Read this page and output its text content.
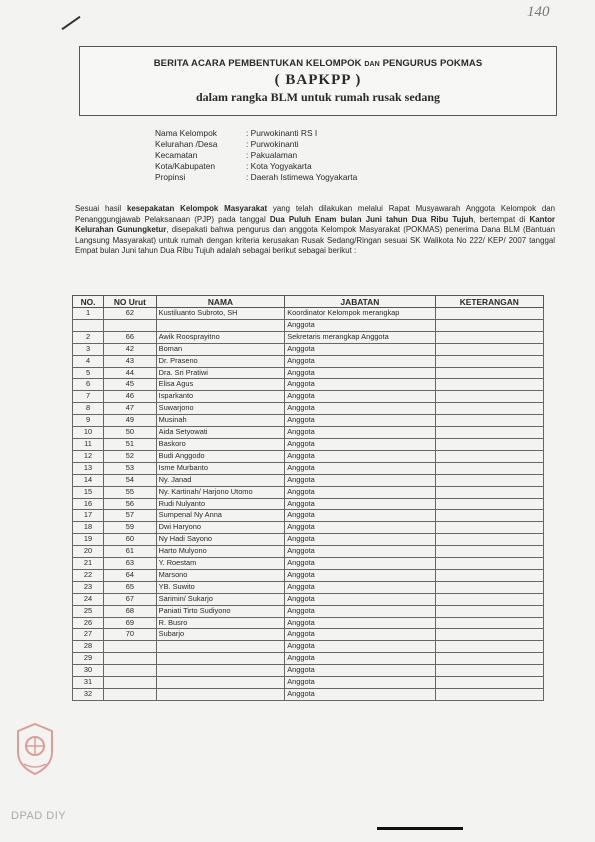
140
BERITA ACARA PEMBENTUKAN KELOMPOK DAN PENGURUS POKMAS
( BAPKPP )
dalam rangka BLM untuk rumah rusak sedang
Nama Kelompok	: Purwokinanti RS I
Kelurahan /Desa	: Purwokinanti
Kecamatan	: Pakualaman
Kota/Kabupaten	: Kota Yogyakarta
Propinsi	: Daerah Istimewa Yogyakarta
Sesuai hasil kesepakatan Kelompok Masyarakat yang telah dilakukan melalui Rapat Musyawarah Anggota Kelompok dan Penanggungjawab Pelaksanaan (PJP) pada tanggal Dua Puluh Enam bulan Juni tahun Dua Ribu Tujuh, bertempat di Kantor Kelurahan Gunungketur, disepakati bahwa pengurus dan anggota Kelompok Masyarakat (POKMAS) penerima Dana BLM (Bantuan Langsung Masyarakat) untuk rumah dengan kriteria kerusakan Rusak Sedang/Ringan sesuai SK Walikota No 222/ KEP/ 2007 tanggal Empat bulan Juni tahun Dua Ribu Tujuh adalah sebagai berikut sebagai berikut :
NO.	NO Urut	NAMA	JABATAN	KETERANGAN
1	62	Kustiluanto Subroto, SH	Koordinator Kelompok merangkap	
			Anggota	
2	66	Awik Roosprayitno	Sekretaris merangkap Anggota	
3	42	Boman	Anggota	
4	43	Dr. Praseno	Anggota	
5	44	Dra. Sri Pratiwi	Anggota	
6	45	Elisa Agus	Anggota	
7	46	Isparkanto	Anggota	
8	47	Suwarjono	Anggota	
9	49	Musinah	Anggota	
10	50	Aida Setyowati	Anggota	
11	51	Baskoro	Anggota	
12	52	Budi Anggodo	Anggota	
13	53	Isme Murbanto	Anggota	
14	54	Ny. Janad	Anggota	
15	55	Ny. Kartinah/ Harjono Utomo	Anggota	
16	56	Rudi Nulyanto	Anggota	
17	57	Sumpenal Ny Anna	Anggota	
18	59	Dwi Haryono	Anggota	
19	60	Ny Hadi Sayono	Anggota	
20	61	Harto Mulyono	Anggota	
21	63	Y. Roestam	Anggota	
22	64	Marsono	Anggota	
23	65	YB. Suwito	Anggota	
24	67	Sarimin/ Sukarjo	Anggota	
25	68	Paniati Tirto Sudiyono	Anggota	
26	69	R. Busro	Anggota	
27	70	Subarjo	Anggota	
28			Anggota	
29			Anggota	
30			Anggota	
31			Anggota	
32			Anggota	
DPAD DIY
